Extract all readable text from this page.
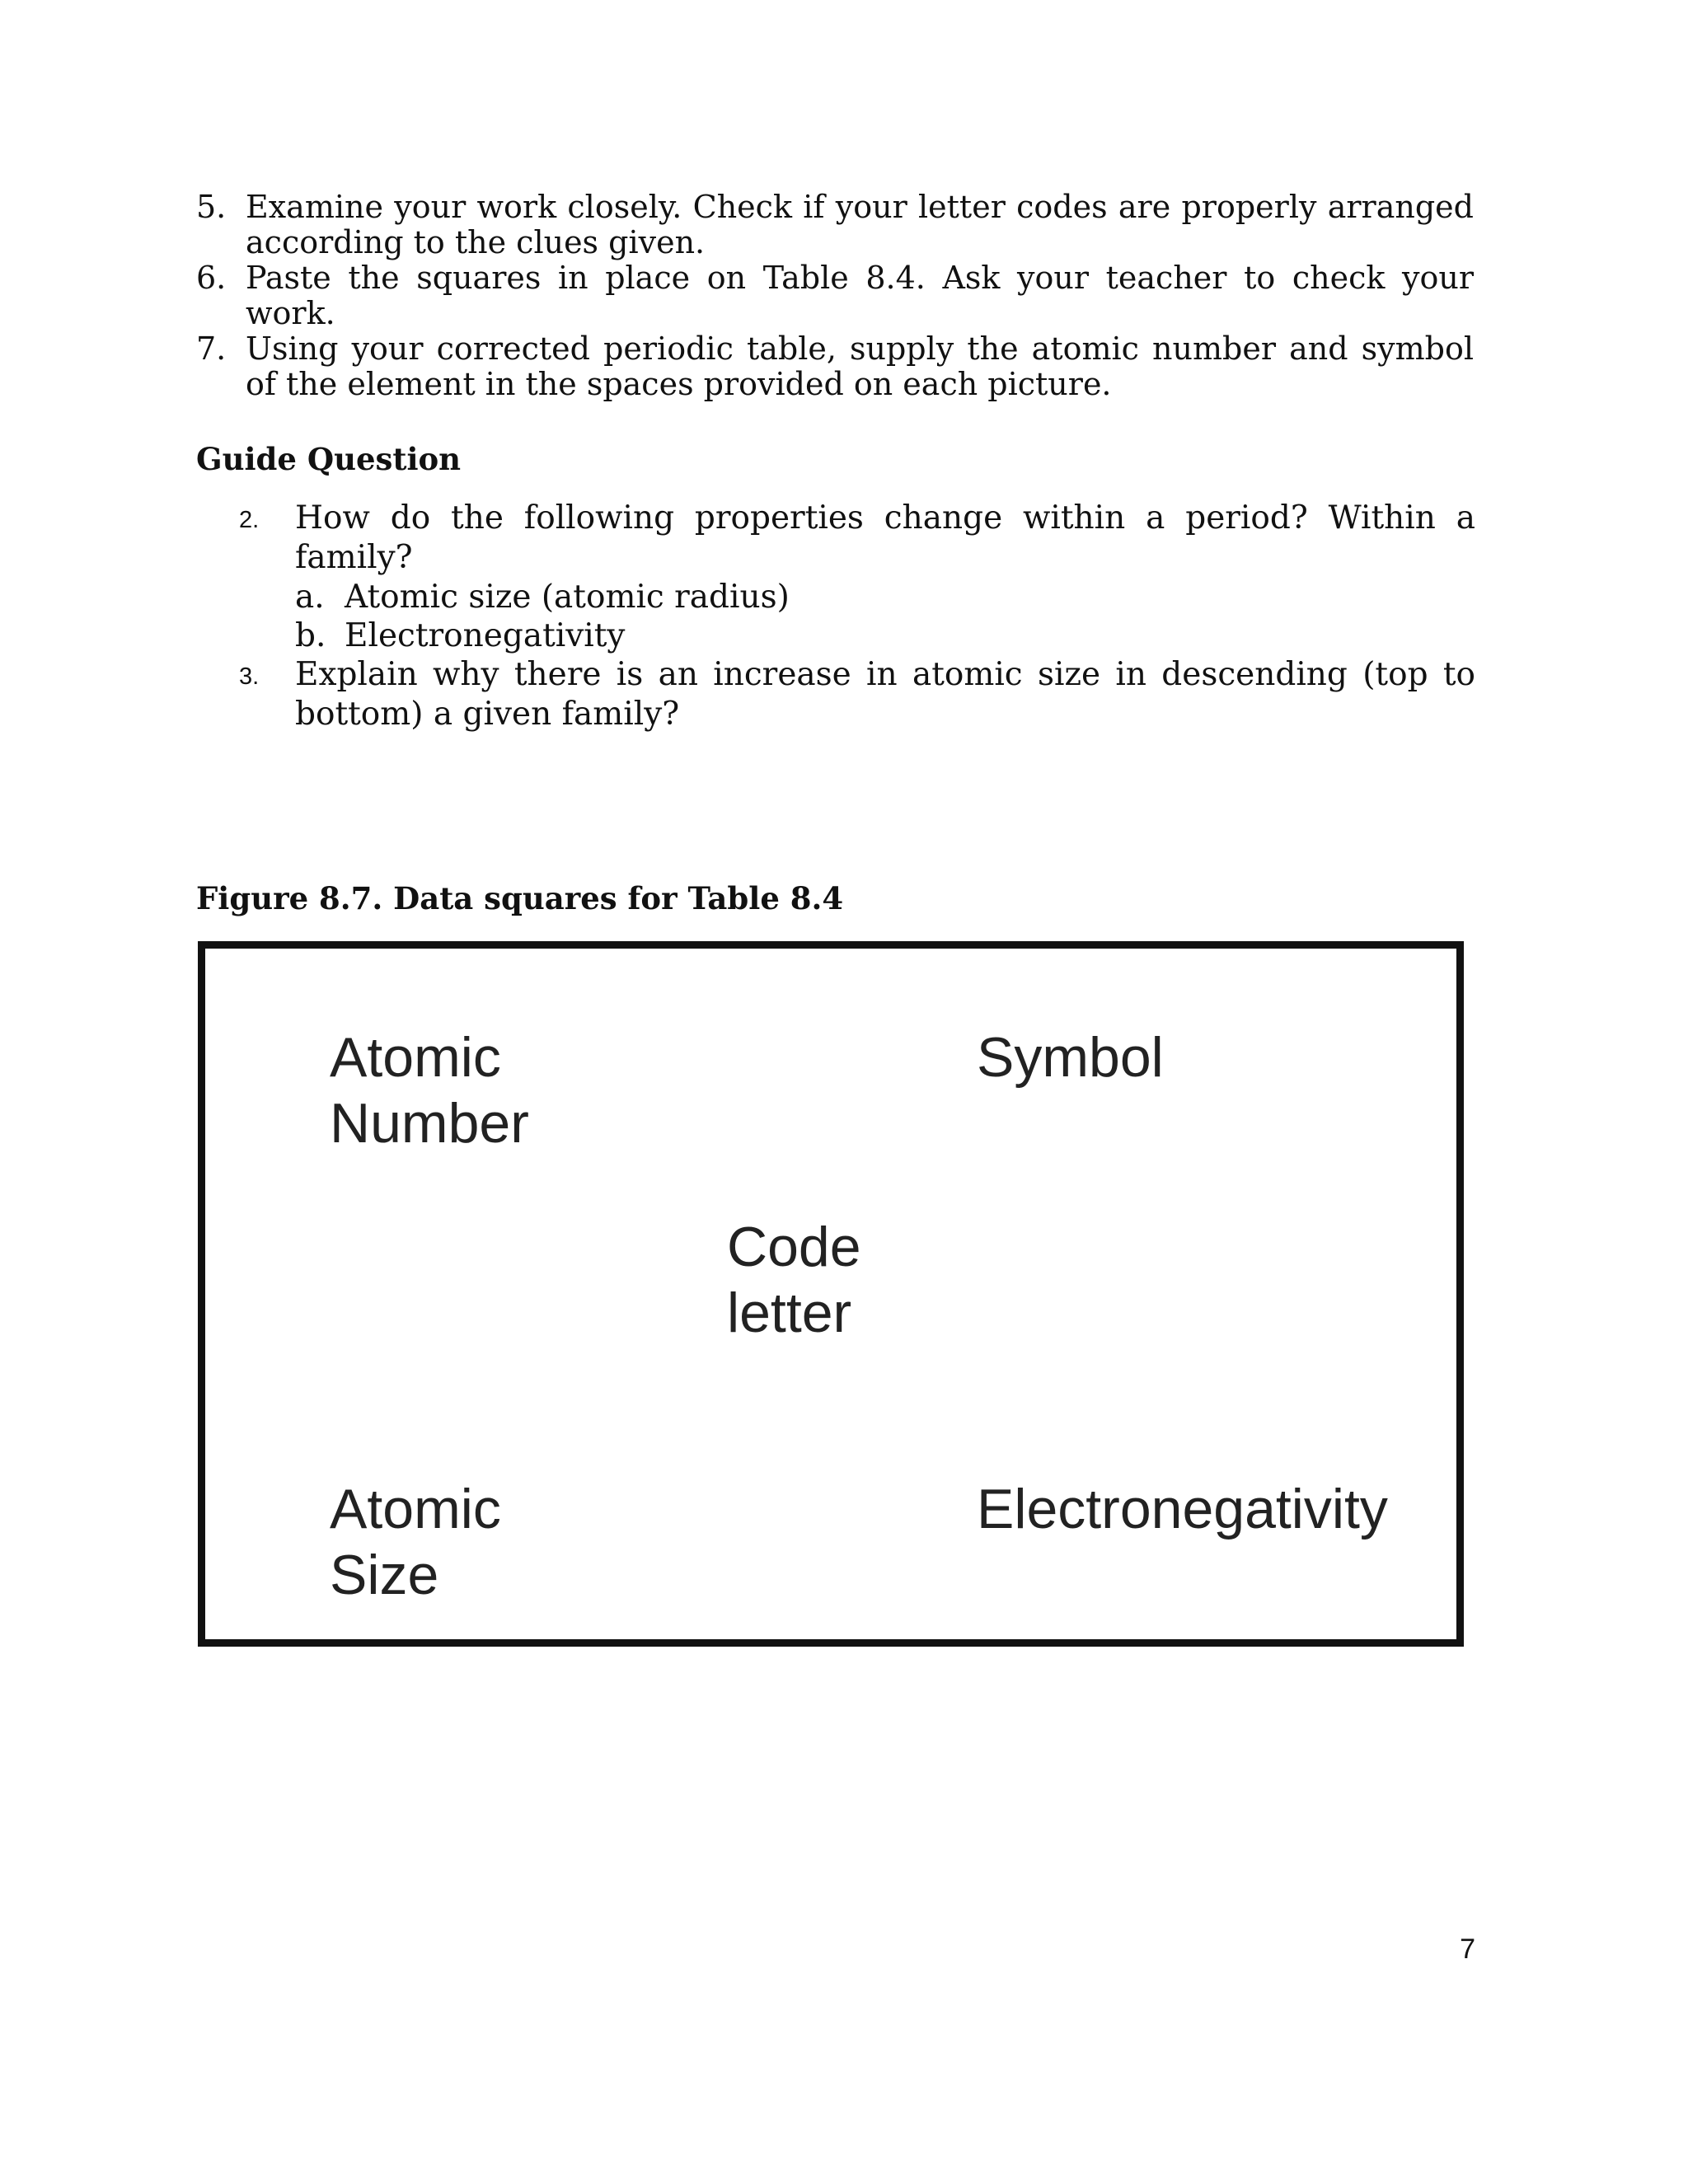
5. Examine your work closely. Check if your letter codes are properly arranged according to the clues given.
6. Paste the squares in place on Table 8.4. Ask your teacher to check your work.
7. Using your corrected periodic table, supply the atomic number and symbol of the element in the spaces provided on each picture.
Guide Question
2.	How do the following properties change within a period? Within a family?
a. Atomic size (atomic radius)
b. Electronegativity
3.	Explain why there is an increase in atomic size in descending (top to bottom) a given family?
Figure 8.7. Data squares for Table 8.4
Atomic
Number
Symbol
Code
letter
Atomic
Size
Electronegativity
7
